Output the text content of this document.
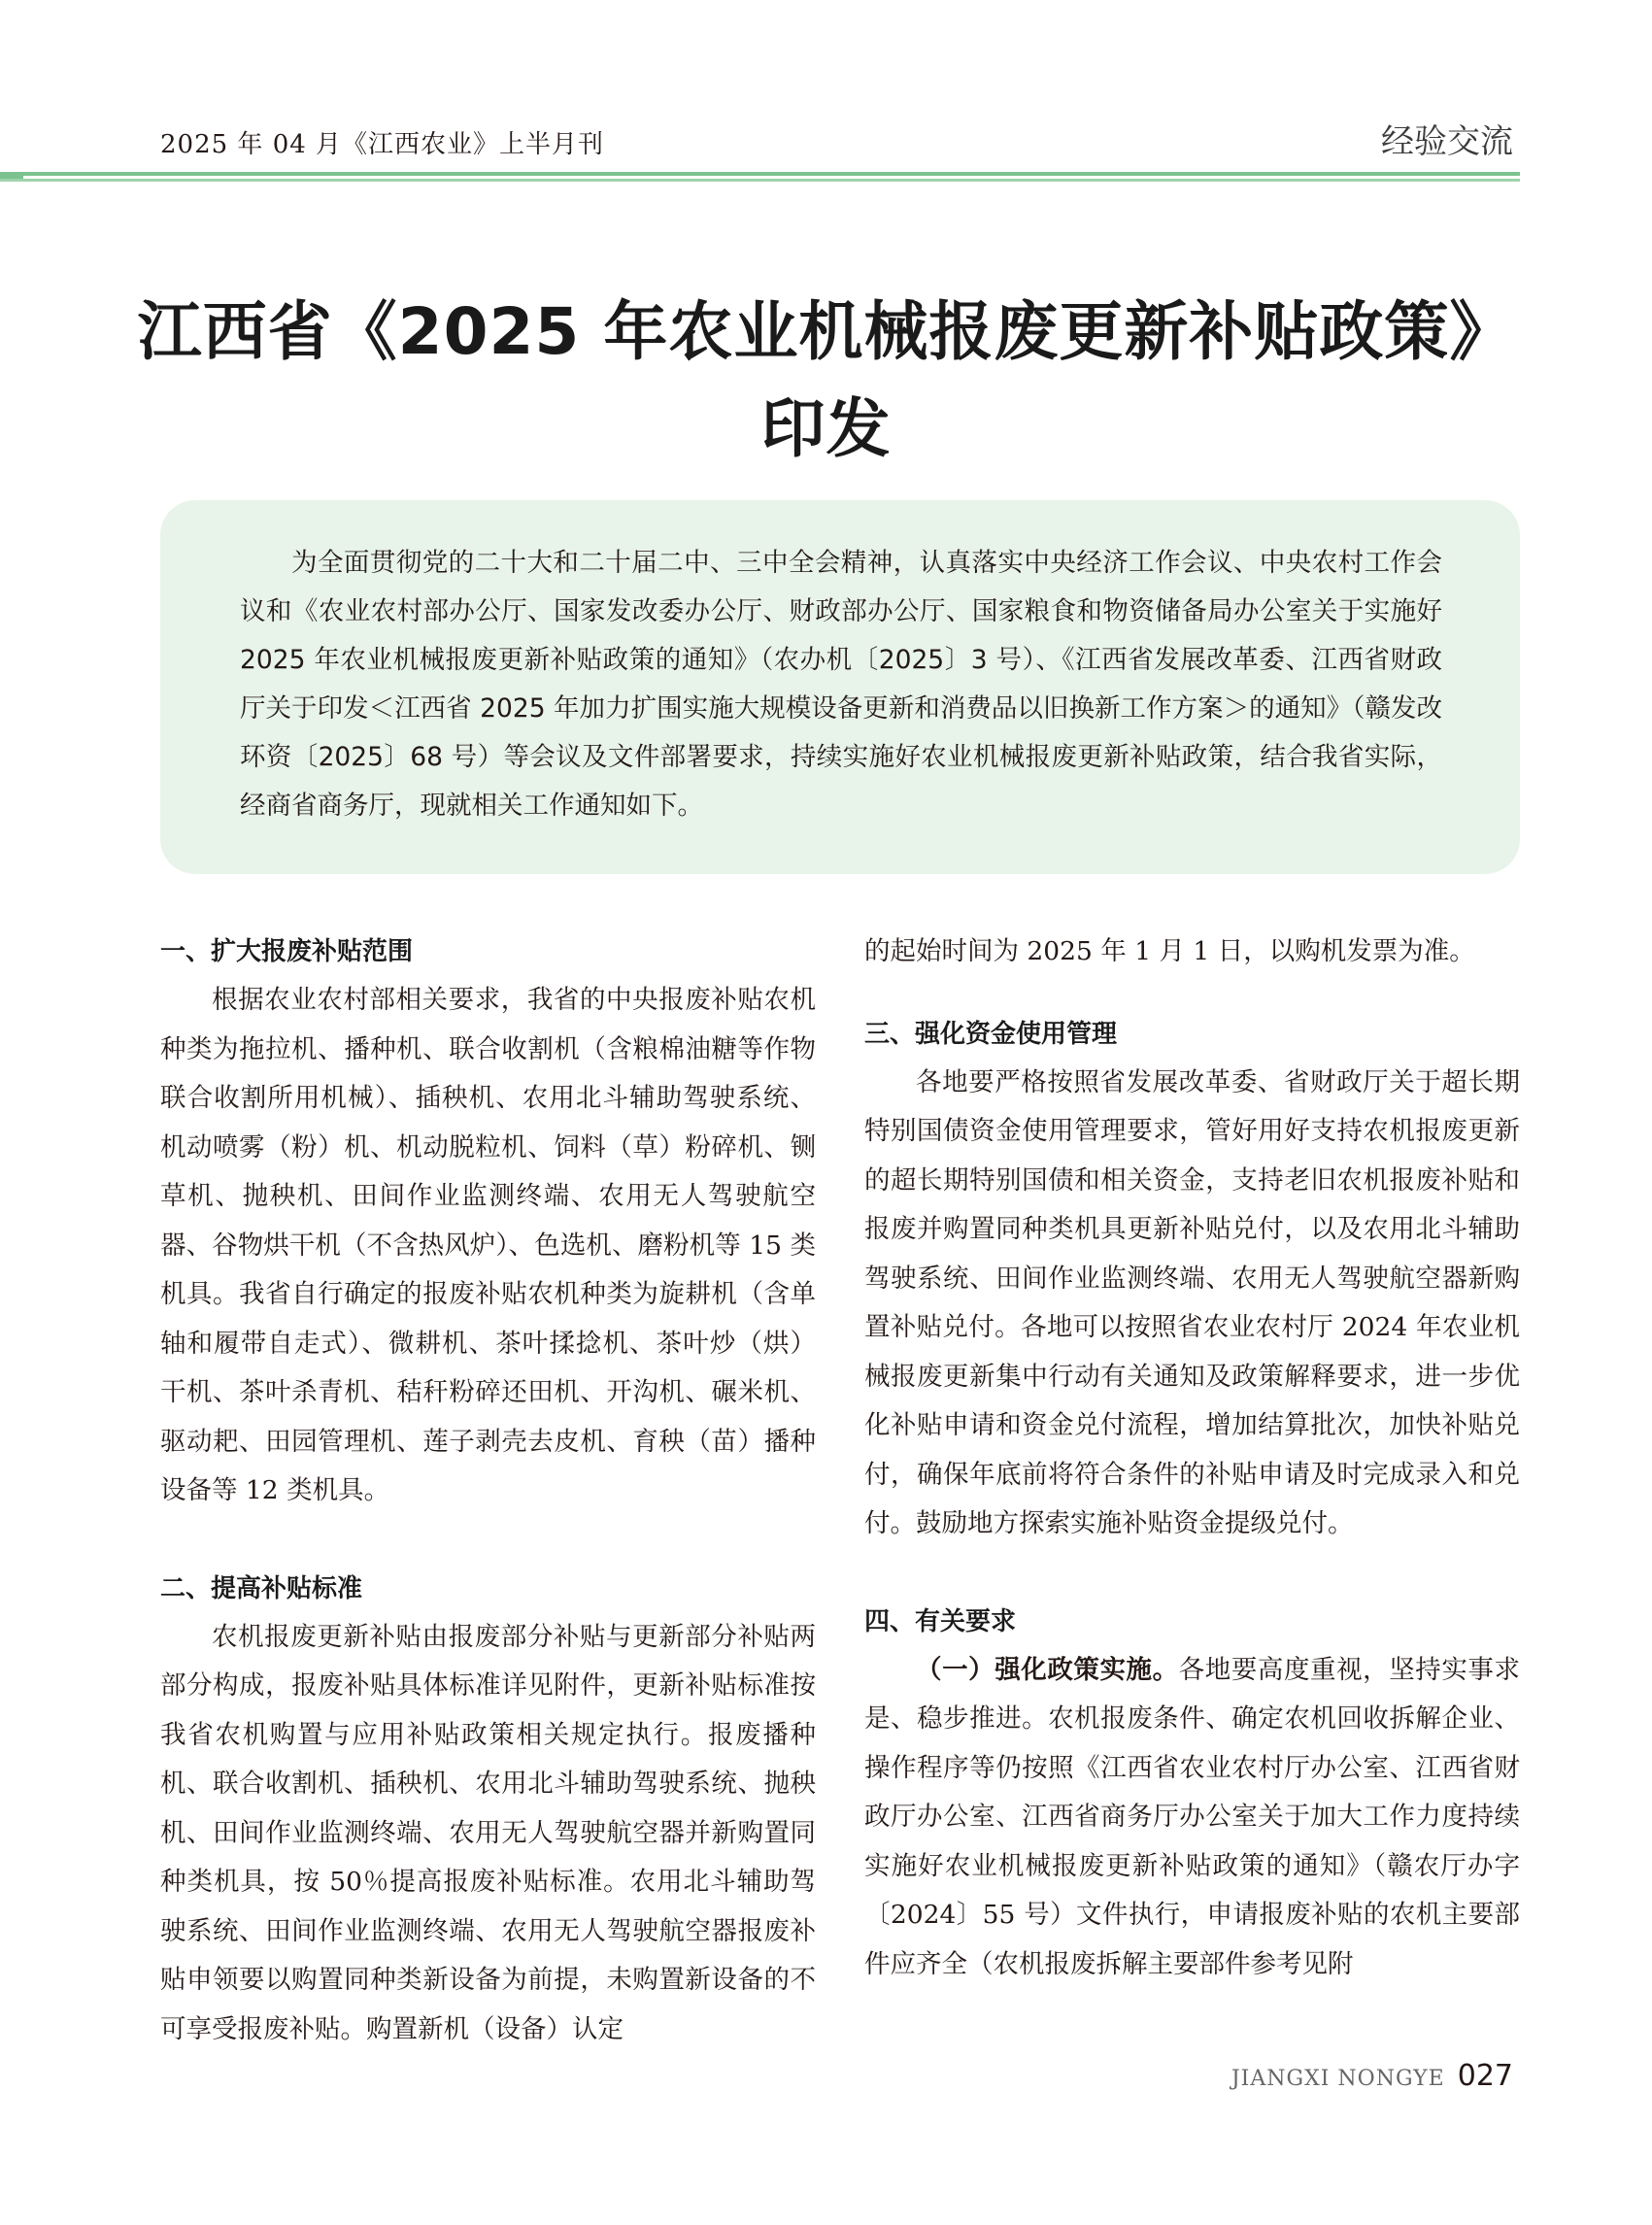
2025 年 04 月《江西农业》上半月刊	经验交流
江西省《2025 年农业机械报废更新补贴政策》
印发

为全面贯彻党的二十大和二十届二中、三中全会精神，认真落实中央经济工作会议、中央农村工作会议和《农业农村部办公厅、国家发改委办公厅、财政部办公厅、国家粮食和物资储备局办公室关于实施好 2025 年农业机械报废更新补贴政策的通知》（农办机〔2025〕3 号）、《江西省发展改革委、江西省财政厅关于印发＜江西省 2025 年加力扩围实施大规模设备更新和消费品以旧换新工作方案＞的通知》（赣发改环资〔2025〕68 号）等会议及文件部署要求，持续实施好农业机械报废更新补贴政策，结合我省实际，经商省商务厅，现就相关工作通知如下。

一、扩大报废补贴范围

根据农业农村部相关要求，我省的中央报废补贴农机种类为拖拉机、播种机、联合收割机（含粮棉油糖等作物联合收割所用机械）、插秧机、农用北斗辅助驾驶系统、机动喷雾（粉）机、机动脱粒机、饲料（草）粉碎机、铡草机、抛秧机、田间作业监测终端、农用无人驾驶航空器、谷物烘干机（不含热风炉）、色选机、磨粉机等 15 类机具。我省自行确定的报废补贴农机种类为旋耕机（含单轴和履带自走式）、微耕机、茶叶揉捻机、茶叶炒（烘）干机、茶叶杀青机、秸秆粉碎还田机、开沟机、碾米机、驱动耙、田园管理机、莲子剥壳去皮机、育秧（苗）播种设备等 12 类机具。

二、提高补贴标准

农机报废更新补贴由报废部分补贴与更新部分补贴两部分构成，报废补贴具体标准详见附件，更新补贴标准按我省农机购置与应用补贴政策相关规定执行。报废播种机、联合收割机、插秧机、农用北斗辅助驾驶系统、抛秧机、田间作业监测终端、农用无人驾驶航空器并新购置同种类机具，按 50％提高报废补贴标准。农用北斗辅助驾驶系统、田间作业监测终端、农用无人驾驶航空器报废补贴申领要以购置同种类新设备为前提，未购置新设备的不可享受报废补贴。购置新机（设备）认定

的起始时间为 2025 年 1 月 1 日，以购机发票为准。

三、强化资金使用管理

各地要严格按照省发展改革委、省财政厅关于超长期特别国债资金使用管理要求，管好用好支持农机报废更新的超长期特别国债和相关资金，支持老旧农机报废补贴和报废并购置同种类机具更新补贴兑付，以及农用北斗辅助驾驶系统、田间作业监测终端、农用无人驾驶航空器新购置补贴兑付。各地可以按照省农业农村厅 2024 年农业机械报废更新集中行动有关通知及政策解释要求，进一步优化补贴申请和资金兑付流程，增加结算批次，加快补贴兑付，确保年底前将符合条件的补贴申请及时完成录入和兑付。鼓励地方探索实施补贴资金提级兑付。

四、有关要求

（一）强化政策实施。各地要高度重视，坚持实事求是、稳步推进。农机报废条件、确定农机回收拆解企业、操作程序等仍按照《江西省农业农村厅办公室、江西省财政厅办公室、江西省商务厅办公室关于加大工作力度持续实施好农业机械报废更新补贴政策的通知》（赣农厅办字〔2024〕55 号）文件执行，申请报废补贴的农机主要部件应齐全（农机报废拆解主要部件参考见附

JIANGXI NONGYE 027
